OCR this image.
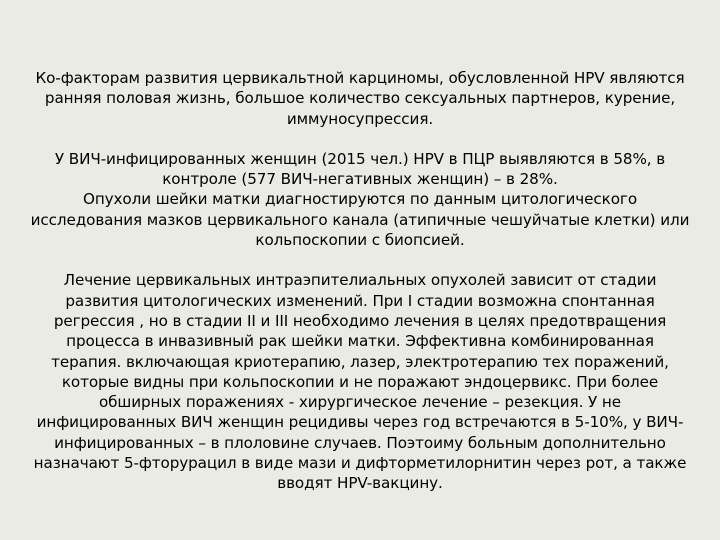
Ко-факторам развития цервикальтной карциномы, обусловленной HPV являются ранняя половая жизнь, большое количество сексуальных партнеров, курение, иммуносупрессия.

У ВИЧ-инфицированных женщин (2015 чел.) HPV в ПЦР выявляются в 58%, в контроле (577 ВИЧ-негативных женщин) – в 28%.

Опухоли шейки матки диагностируются по данным цитологического исследования мазков цервикального канала (атипичные чешуйчатые клетки) или кольпоскопии с биопсией.

Лечение цервикальных интраэпителиальных опухолей зависит от стадии развития цитологических изменений. При I стадии возможна спонтанная регрессия , но в стадии II и III необходимо лечения в целях предотвращения процесса в инвазивный рак шейки матки. Эффективна комбинированная терапия. включающая криотерапию, лазер, электротерапию тех поражений, которые видны при кольпоскопии и не поражают эндоцервикс. При более обширных поражениях - хирургическое лечение – резекция. У не инфицированных ВИЧ женщин рецидивы через год встречаются в 5-10%, у ВИЧ-инфицированных – в плоловине случаев. Поэтоиму больным дополнительно назначают 5-фторурацил в виде мази и дифторметилорнитин через рот, а также вводят HPV-вакцину.
